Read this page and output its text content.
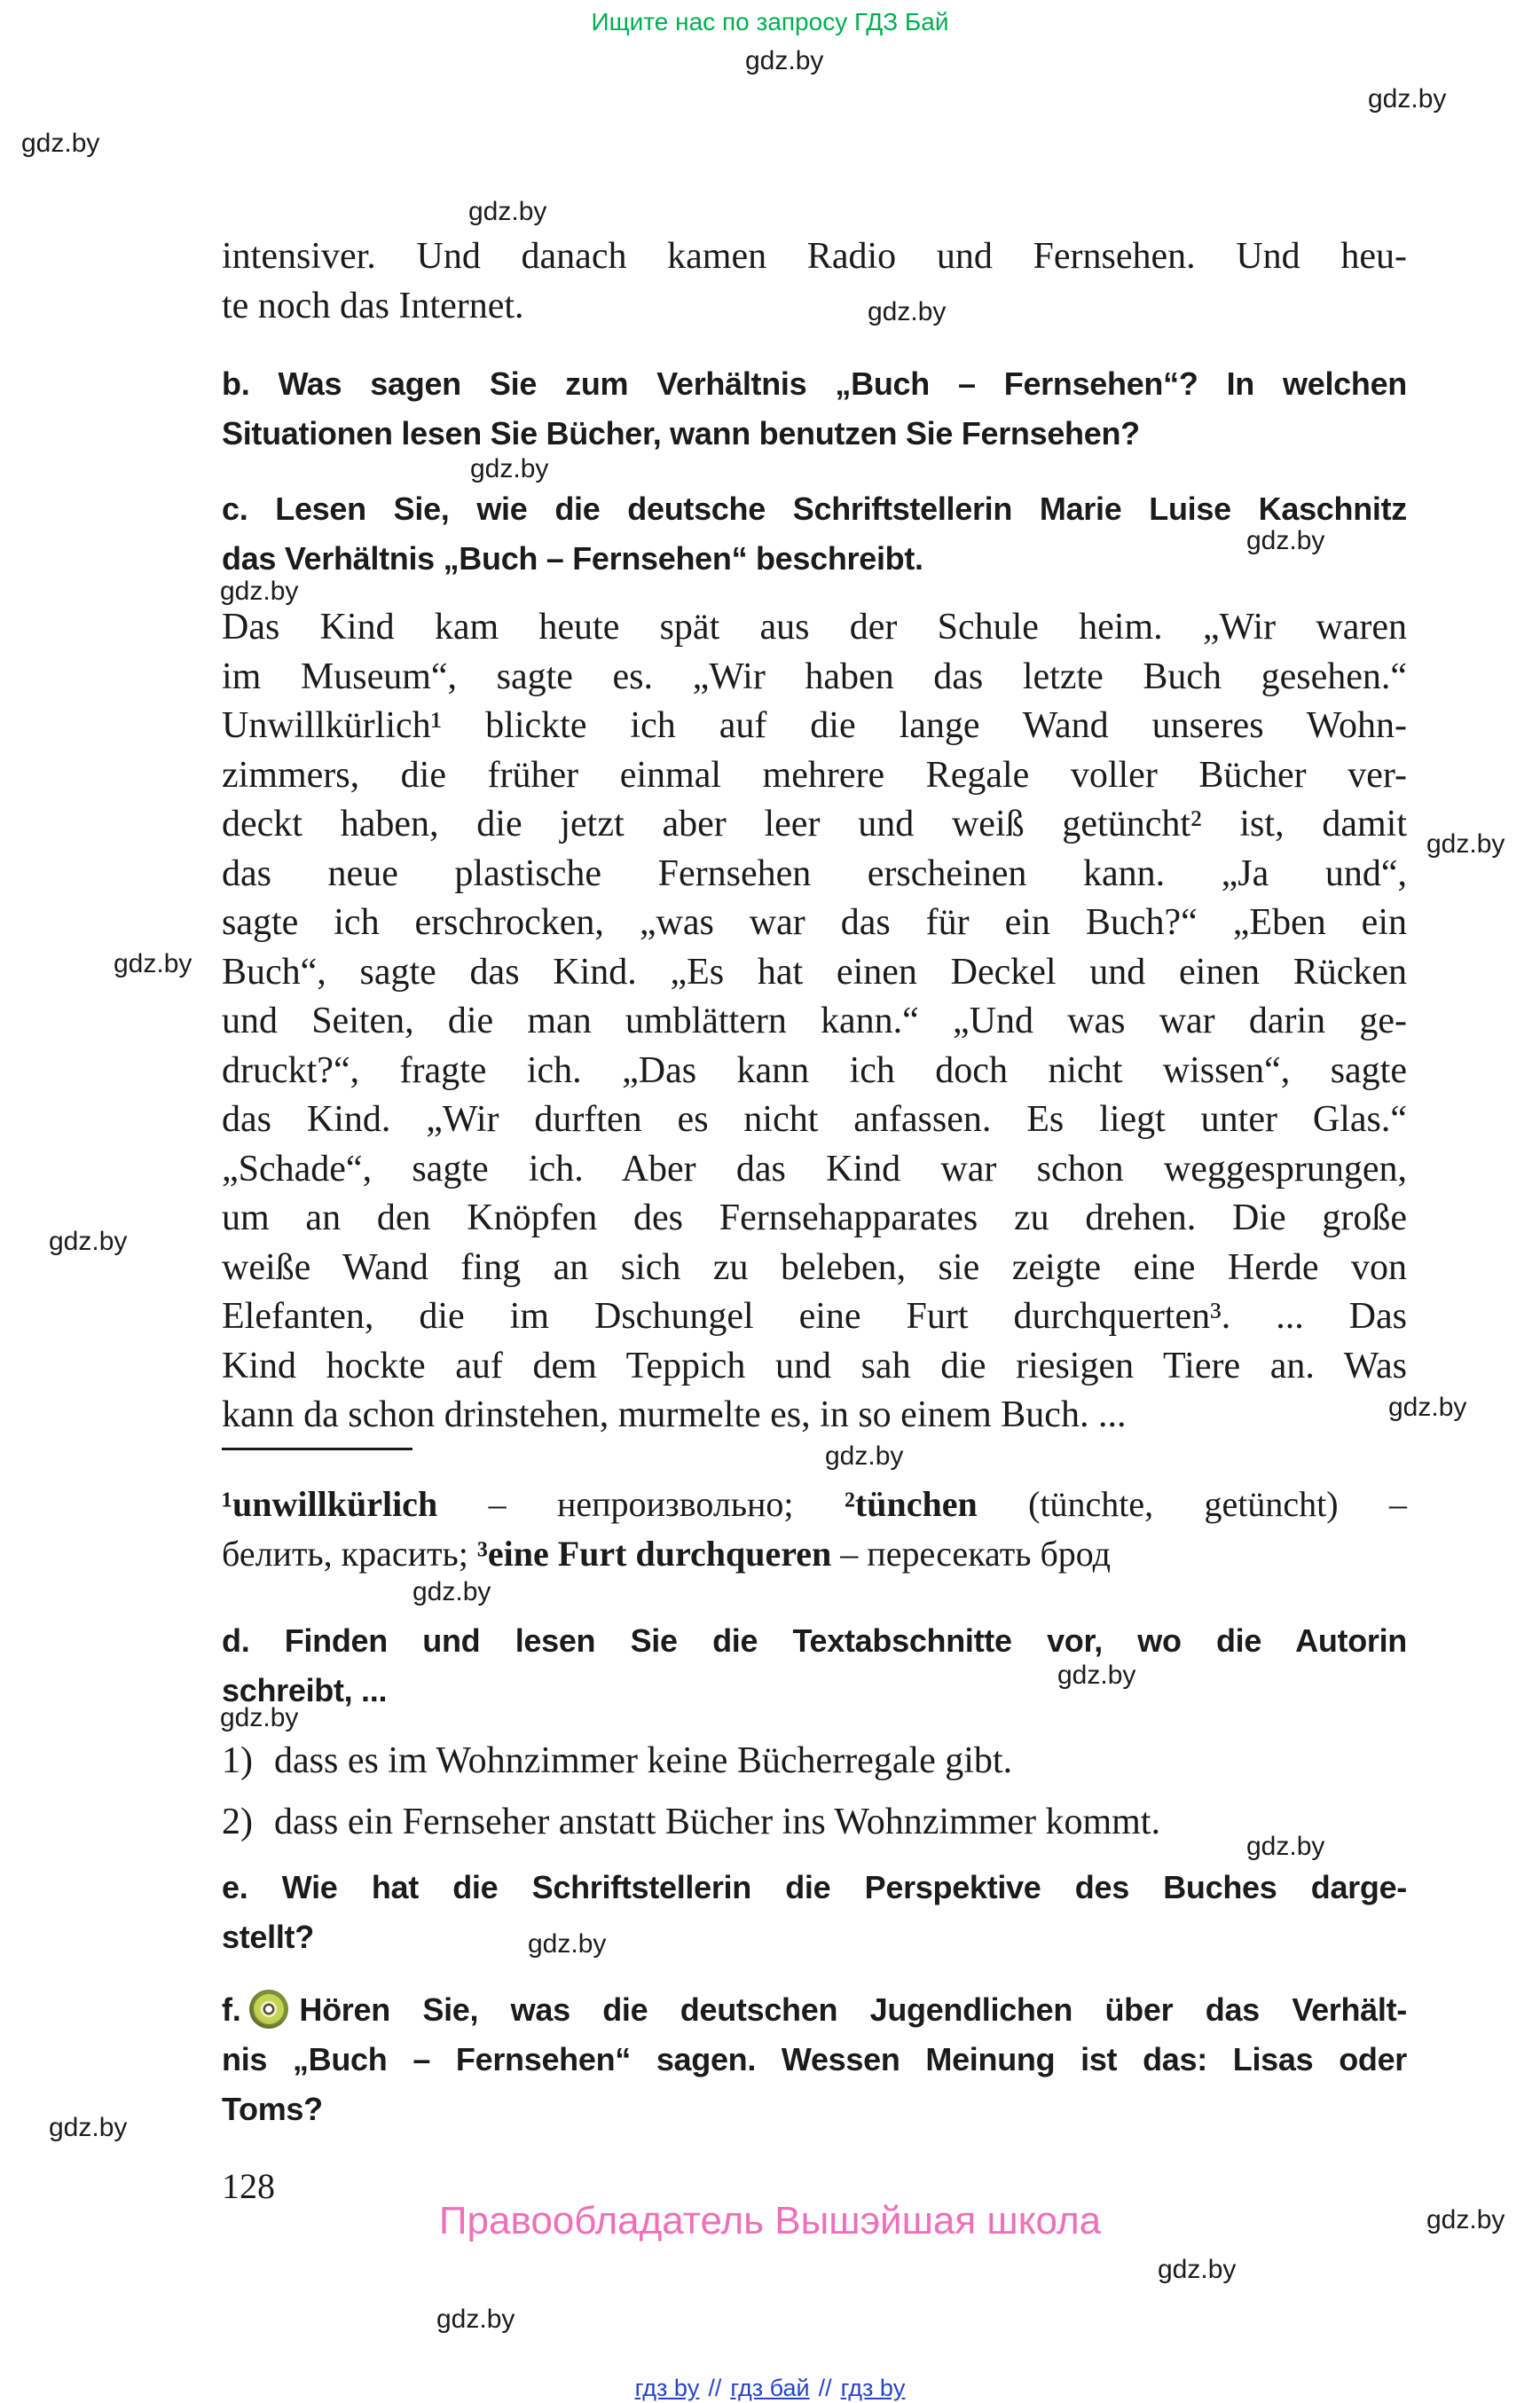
Ищите нас по запросу ГДЗ Бай
gdz.by
gdz.by
gdz.by
gdz.by
gdz.by
gdz.by
gdz.by
gdz.by
gdz.by
gdz.by
gdz.by
gdz.by
gdz.by
gdz.by
gdz.by
gdz.by
gdz.by
gdz.by
gdz.by
gdz.by
gdz.by
gdz.by
intensiver. Und danach kamen Radio und Fernsehen. Und heu-
te noch das Internet.
b. Was sagen Sie zum Verhältnis „Buch – Fernsehen“? In welchen
Situationen lesen Sie Bücher, wann benutzen Sie Fernsehen?
c. Lesen Sie, wie die deutsche Schriftstellerin Marie Luise Kaschnitz
das Verhältnis „Buch – Fernsehen“ beschreibt.
Das Kind kam heute spät aus der Schule heim. „Wir waren
im Museum“, sagte es. „Wir haben das letzte Buch gesehen.“
Unwillkürlich¹ blickte ich auf die lange Wand unseres Wohn-
zimmers, die früher einmal mehrere Regale voller Bücher ver-
deckt haben, die jetzt aber leer und weiß getüncht² ist, damit
das neue plastische Fernsehen erscheinen kann. „Ja und“,
sagte ich erschrocken, „was war das für ein Buch?“ „Eben ein
Buch“, sagte das Kind. „Es hat einen Deckel und einen Rücken
und Seiten, die man umblättern kann.“ „Und was war darin ge-
druckt?“, fragte ich. „Das kann ich doch nicht wissen“, sagte
das Kind. „Wir durften es nicht anfassen. Es liegt unter Glas.“
„Schade“, sagte ich. Aber das Kind war schon weggesprungen,
um an den Knöpfen des Fernsehapparates zu drehen. Die große
weiße Wand fing an sich zu beleben, sie zeigte eine Herde von
Elefanten, die im Dschungel eine Furt durchquerten³. ... Das
Kind hockte auf dem Teppich und sah die riesigen Tiere an. Was
kann da schon drinstehen, murmelte es, in so einem Buch. ...
¹unwillkürlich – непроизвольно; ²tünchen (tünchte, getüncht) –
белить, красить; ³eine Furt durchqueren – пересекать брод
d. Finden und lesen Sie die Textabschnitte vor, wo die Autorin
schreibt, ...
1) dass es im Wohnzimmer keine Bücherregale gibt.
2) dass ein Fernseher anstatt Bücher ins Wohnzimmer kommt.
e. Wie hat die Schriftstellerin die Perspektive des Buches darge-
stellt?
f. Hören Sie, was die deutschen Jugendlichen über das Verhält-
nis „Buch – Fernsehen“ sagen. Wessen Meinung ist das: Lisas oder
Toms?
128
Правообладатель Вышэйшая школа
гдз by // гдз бай // гдз by
